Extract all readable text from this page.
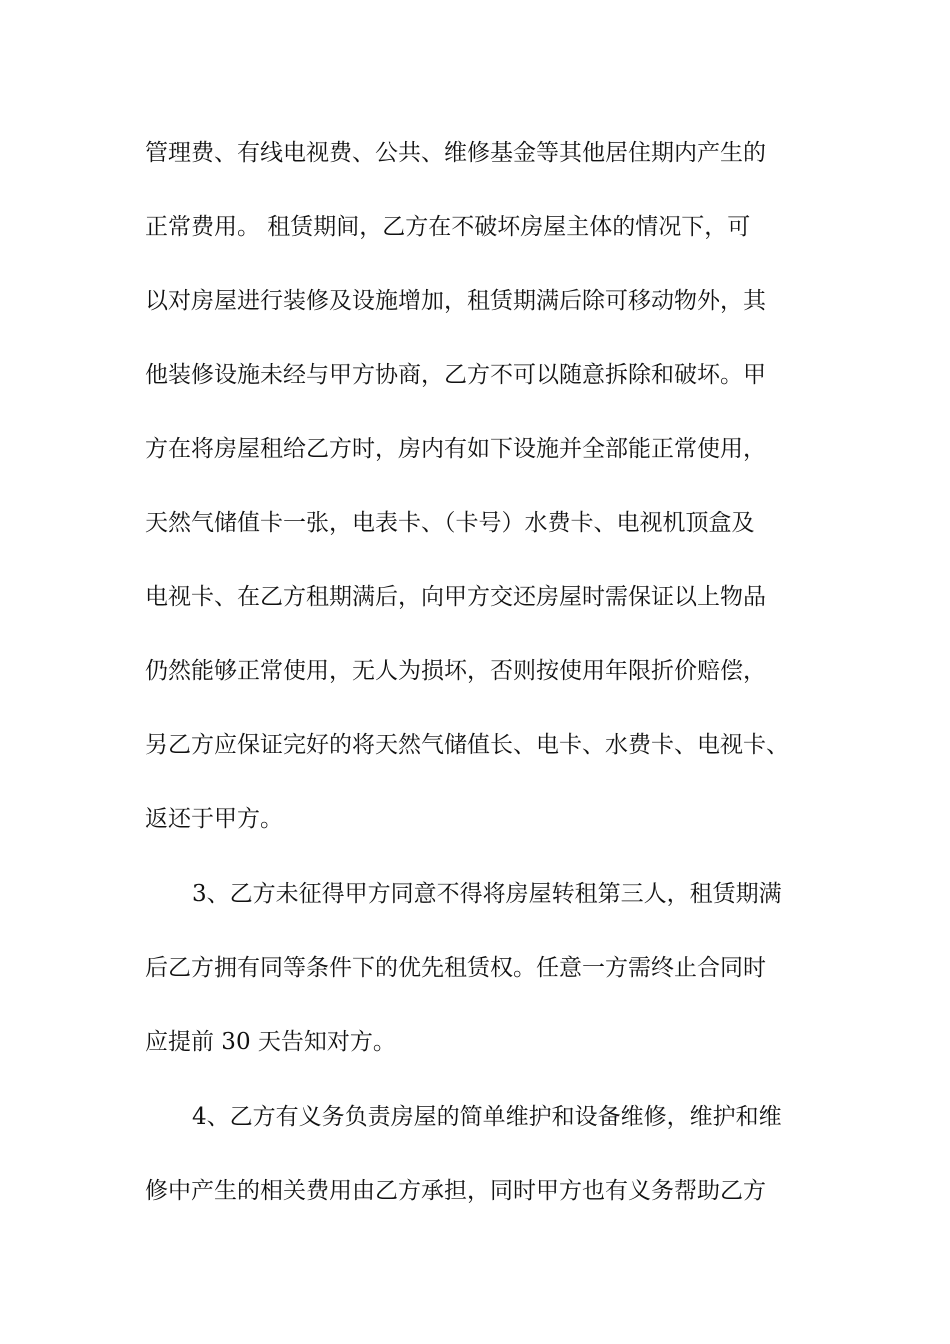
管理费、有线电视费、公共、维修基金等其他居住期内产生的
正常费用。 租赁期间，乙方在不破坏房屋主体的情况下，可
以对房屋进行装修及设施增加，租赁期满后除可移动物外，其
他装修设施未经与甲方协商，乙方不可以随意拆除和破坏。甲
方在将房屋租给乙方时，房内有如下设施并全部能正常使用，
天然气储值卡一张，电表卡、（卡号）水费卡、电视机顶盒及
电视卡、在乙方租期满后，向甲方交还房屋时需保证以上物品
仍然能够正常使用，无人为损坏，否则按使用年限折价赔偿，
另乙方应保证完好的将天然气储值长、电卡、水费卡、电视卡、
返还于甲方。
3、乙方未征得甲方同意不得将房屋转租第三人，租赁期满
后乙方拥有同等条件下的优先租赁权。任意一方需终止合同时
应提前 30 天告知对方。
4、乙方有义务负责房屋的简单维护和设备维修，维护和维
修中产生的相关费用由乙方承担，同时甲方也有义务帮助乙方
